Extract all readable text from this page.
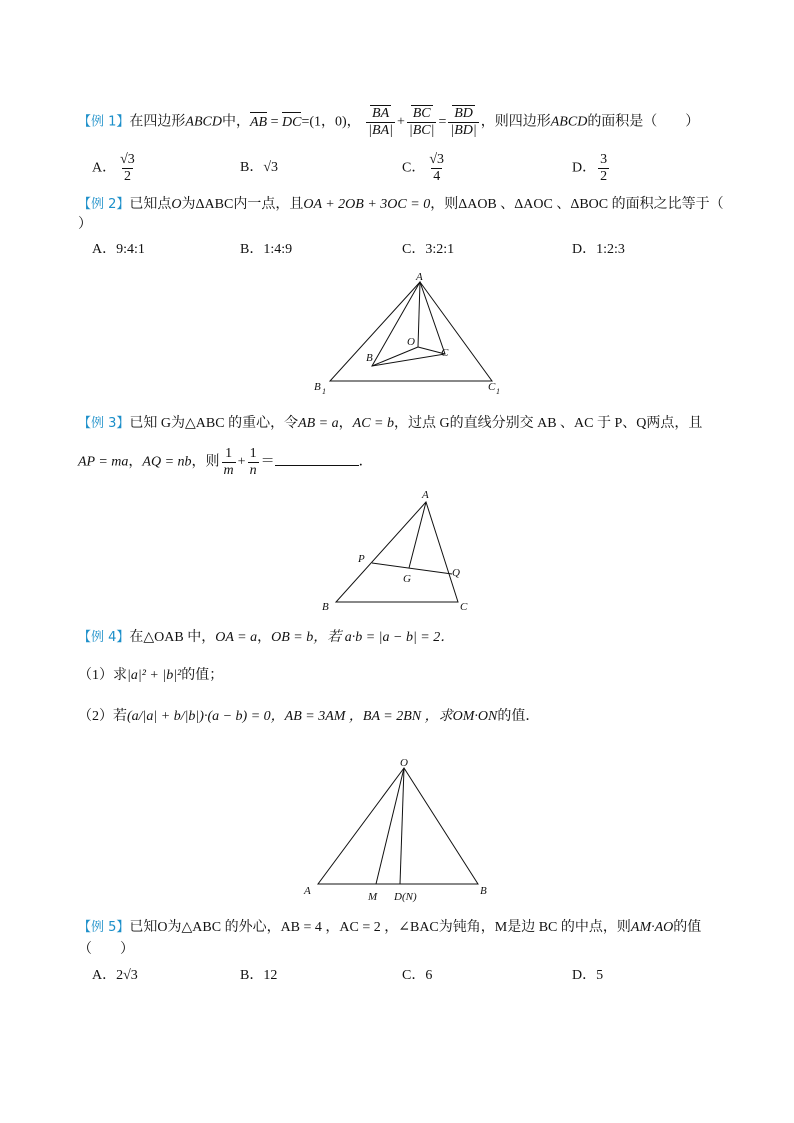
【例 1】在四边形ABCD中，AB = DC=(1，0)， $\frac{BA}{|BA|} + \frac{BC}{|BC|} = \frac{BD}{|BD|}$ ，则四边形ABCD的面积是（　　）
A． $\frac{√3}{2}$	B．√3	C． $\frac{√3}{4}$	D． $\frac{3}{2}$
【例 2】已知点O为ΔABC内一点，且OA + 2OB + 3OC = 0，则ΔAOB 、ΔAOC 、ΔBOC 的面积之比等于（
）
A．9:4:1	B．1:4:9	C．3:2:1	D．1:2:3
A
B
O
C
B 1	C 1
【例 3】已知 G为△ABC 的重心，令AB = a，AC = b，过点 G的直线分别交 AB 、AC 于 P、Q两点，且
AP = ma，AQ = nb，则 $\frac{1}{m} + \frac{1}{n}$ ＝	．
A
P
G	Q
B	C
【例 4】在△OAB 中，OA = a，OB = b，若 a·b = |a − b| = 2．
（1）求|a|² + |b|²的值；
（2）若(a/|a| + b/|b|)·(a − b) = 0，AB = 3AM ，BA = 2BN ，求OM·ON的值．
O
A	M D(N)	B
【例 5】已知O为△ABC 的外心，AB = 4 ，AC = 2 ，∠BAC为钝角，M是边 BC 的中点，则AM·AO的值
（　　）
A．2√3	B．12	C．6	D．5
